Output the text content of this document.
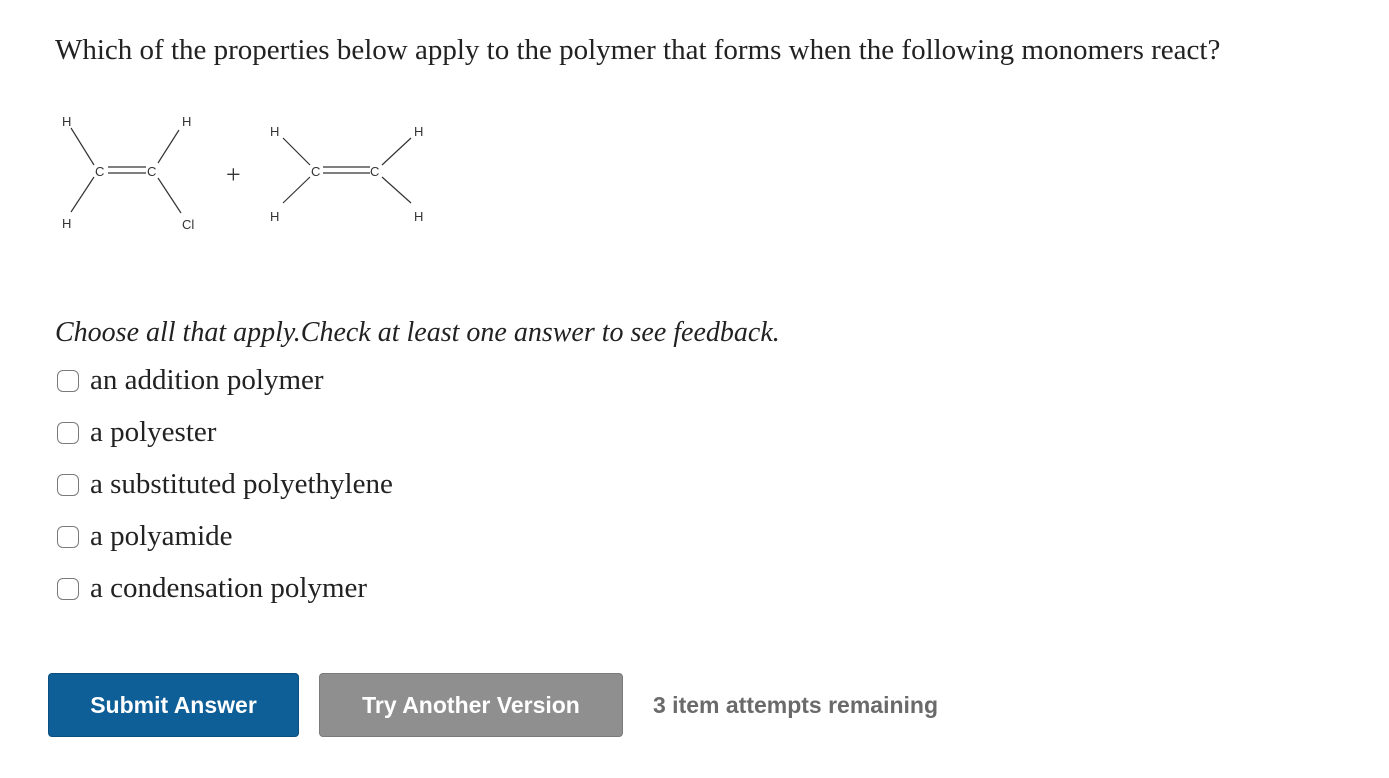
Which of the properties below apply to the polymer that forms when the following monomers react?
H	H
H	Cl
C	C	+
H	H
H	H
C	C
Choose all that apply.Check at least one answer to see feedback.
an addition polymer
a polyester
a substituted polyethylene
a polyamide
a condensation polymer
Submit Answer	Try Another Version	3 item attempts remaining
